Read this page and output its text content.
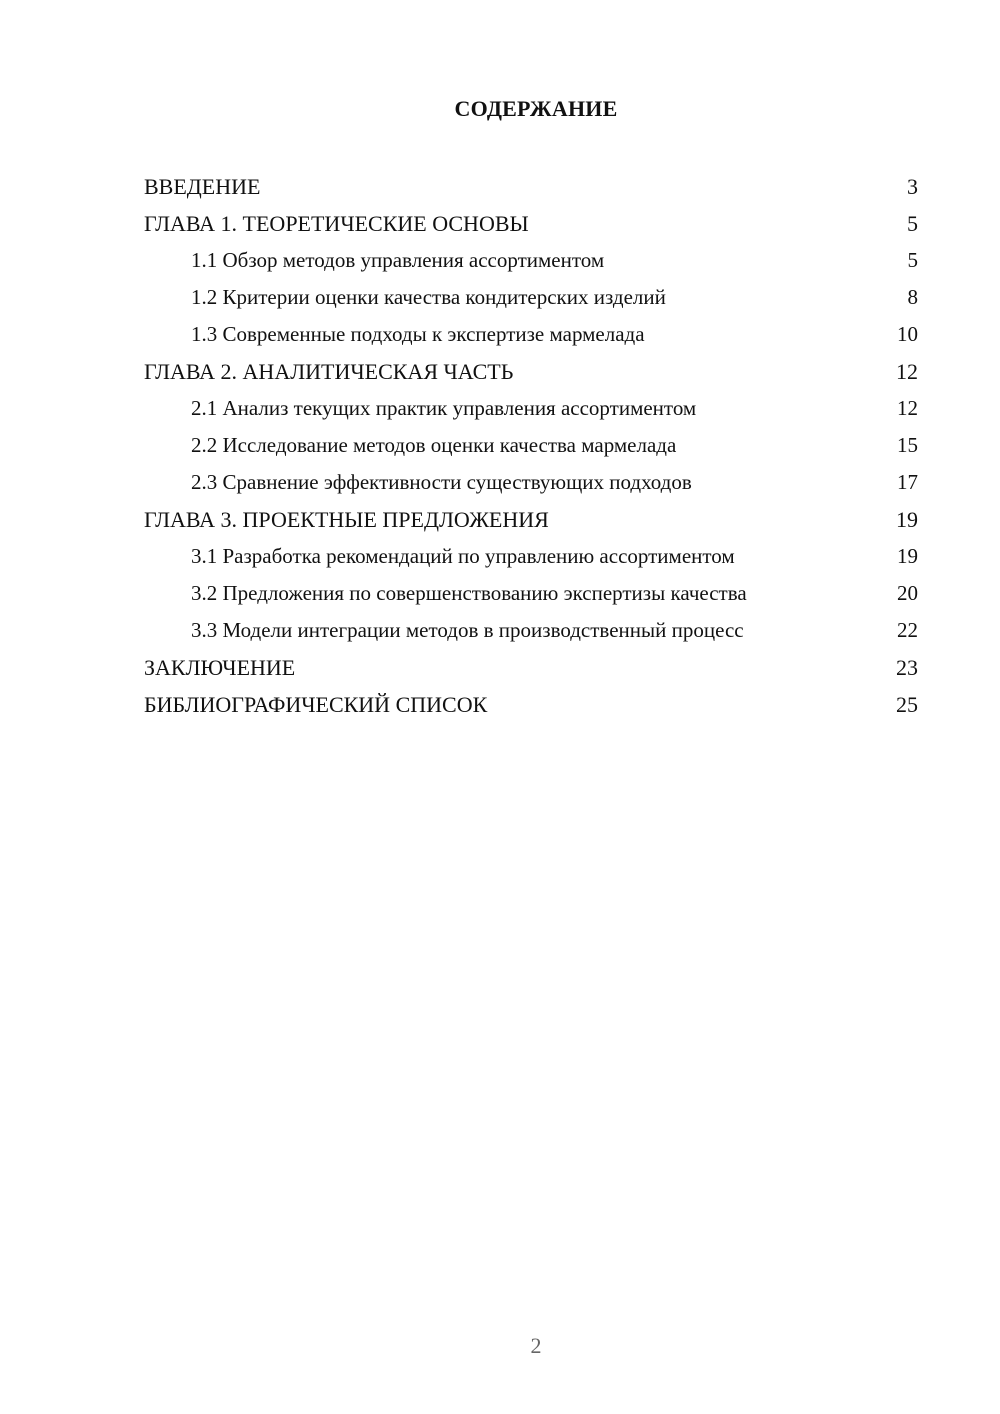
СОДЕРЖАНИЕ
ВВЕДЕНИЕ	3
ГЛАВА 1. ТЕОРЕТИЧЕСКИЕ ОСНОВЫ	5
1.1 Обзор методов управления ассортиментом	5
1.2 Критерии оценки качества кондитерских изделий	8
1.3 Современные подходы к экспертизе мармелада	10
ГЛАВА 2. АНАЛИТИЧЕСКАЯ ЧАСТЬ	12
2.1 Анализ текущих практик управления ассортиментом	12
2.2 Исследование методов оценки качества мармелада	15
2.3 Сравнение эффективности существующих подходов	17
ГЛАВА 3. ПРОЕКТНЫЕ ПРЕДЛОЖЕНИЯ	19
3.1 Разработка рекомендаций по управлению ассортиментом	19
3.2 Предложения по совершенствованию экспертизы качества	20
3.3 Модели интеграции методов в производственный процесс	22
ЗАКЛЮЧЕНИЕ	23
БИБЛИОГРАФИЧЕСКИЙ СПИСОК	25
2
